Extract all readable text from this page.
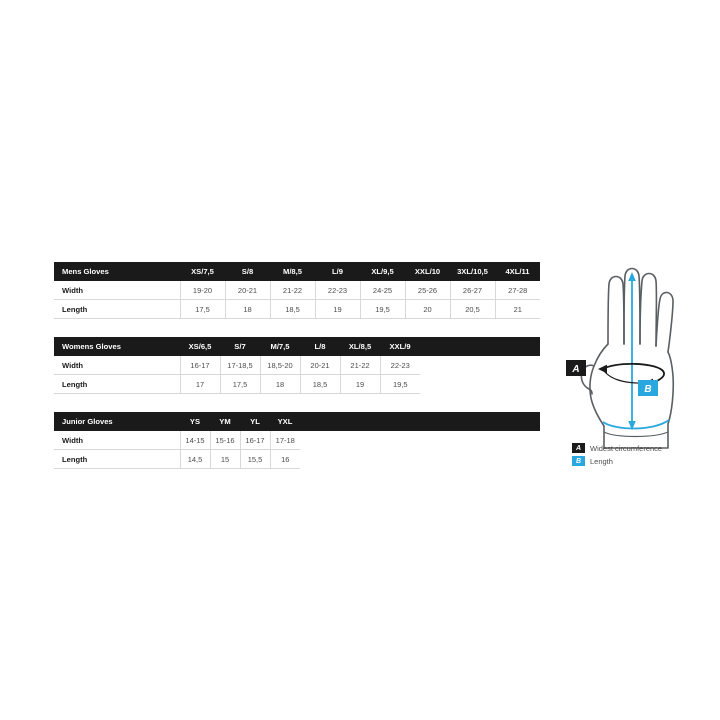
Mens Gloves	XS/7,5	S/8	M/8,5	L/9	XL/9,5	XXL/10	3XL/10,5	4XL/11
Width	19-20	20-21	21-22	22-23	24-25	25-26	26-27	27-28
Length	17,5	18	18,5	19	19,5	20	20,5	21
Womens Gloves	XS/6,5	S/7	M/7,5	L/8	XL/8,5	XXL/9	
Width	16-17	17-18,5	18,5-20	20-21	21-22	22-23	
Length	17	17,5	18	18,5	19	19,5	
Junior Gloves	YS	YM	YL	YXL	
Width	14-15	15-16	16-17	17-18	
Length	14,5	15	15,5	16	
A
B
A	Widest circumference
B	Length
